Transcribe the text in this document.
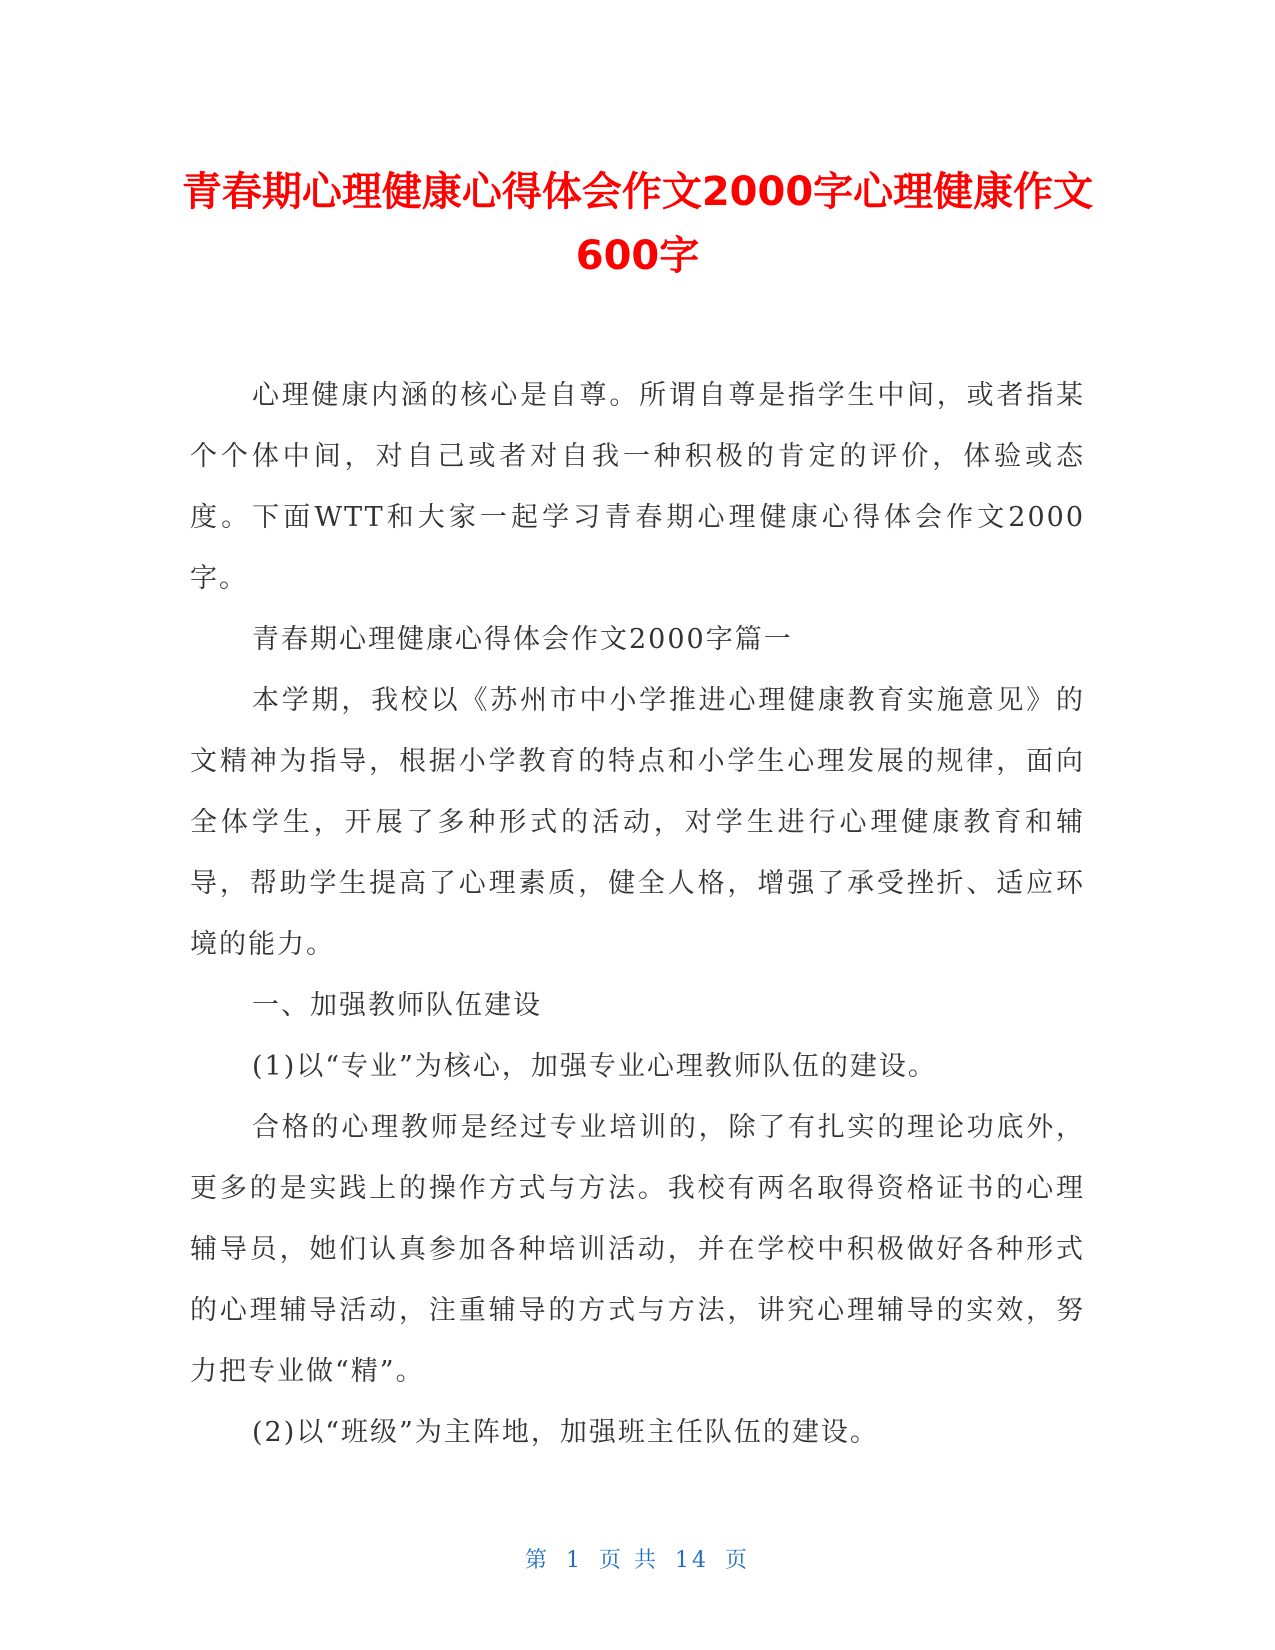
青春期心理健康心得体会作文2000字心理健康作文600字

心理健康内涵的核心是自尊。所谓自尊是指学生中间，或者指某个个体中间，对自己或者对自我一种积极的肯定的评价，体验或态度。下面WTT和大家一起学习青春期心理健康心得体会作文2000字。

青春期心理健康心得体会作文2000字篇一

本学期，我校以《苏州市中小学推进心理健康教育实施意见》的文精神为指导，根据小学教育的特点和小学生心理发展的规律，面向全体学生，开展了多种形式的活动，对学生进行心理健康教育和辅导，帮助学生提高了心理素质，健全人格，增强了承受挫折、适应环境的能力。

一、加强教师队伍建设

(1)以“专业”为核心，加强专业心理教师队伍的建设。

合格的心理教师是经过专业培训的，除了有扎实的理论功底外，更多的是实践上的操作方式与方法。我校有两名取得资格证书的心理辅导员，她们认真参加各种培训活动，并在学校中积极做好各种形式的心理辅导活动，注重辅导的方式与方法，讲究心理辅导的实效，努力把专业做“精”。

(2)以“班级”为主阵地，加强班主任队伍的建设。

第 1 页 共 14 页
